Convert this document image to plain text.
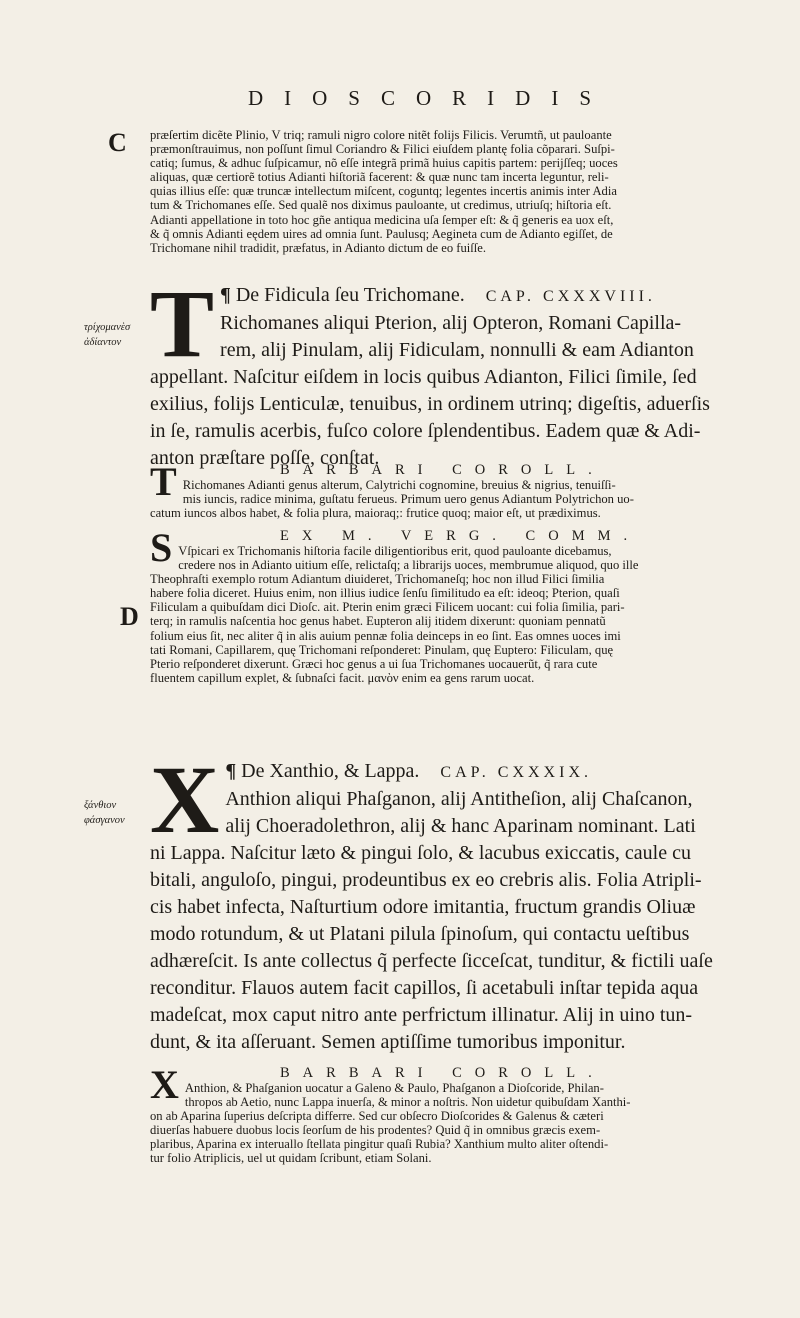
DIOSCORIDIS
C
D
τρίχομανὲσ
ἀδίαντον
ξάνθιον
φάσγανον
præſertim dicẽte Plinio, V triq; ramuli nigro colore nitẽt folijs Filicis. Verumtñ, ut pauloante
præmonſtrauimus, non poſſunt ſimul Coriandro & Filici eiuſdem plantę folia cõparari. Suſpi-
catiq; ſumus, & adhuc ſuſpicamur, nõ eſſe integrã primã huius capitis partem: perijſſeq; uoces
aliquas, quæ certiorẽ totius Adianti hiſtoriã facerent: & quæ nunc tam incerta leguntur, reli-
quias illius eſſe: quæ truncæ intellectum miſcent, coguntq; legentes incertis animis inter Adia
tum & Trichomanes eſſe. Sed qualẽ nos diximus pauloante, ut credimus, utriuſq; hiſtoria eſt.
Adianti appellatione in toto hoc gñe antiqua medicina uſa ſemper eſt: & q̃ generis ea uox eſt,
& q̃ omnis Adianti eędem uires ad omnia ſunt. Paulusq; Aegineta cum de Adianto egiſſet, de
Trichomane nihil tradidit, præfatus, in Adianto dictum de eo fuiſſe.
T ¶ De Fidicula ſeu Trichomane. CAP. CXXXVIII.
Richomanes aliqui Pterion, alij Opteron, Romani Capilla-
rem, alij Pinulam, alij Fidiculam, nonnulli & eam Adianton
appellant. Naſcitur eiſdem in locis quibus Adianton, Filici ſimile, ſed
exilius, folijs Lenticulæ, tenuibus, in ordinem utrinq; digeſtis, aduerſis
in ſe, ramulis acerbis, fuſco colore ſplendentibus. Eadem quæ & Adi-
anton præſtare poſſe, conſtat.
T	BARBARI COROLL.
Richomanes Adianti genus alterum, Calytrichi cognomine, breuius & nigrius, tenuiſſi-
mis iuncis, radice minima, guſtatu ferueus. Primum uero genus Adiantum Polytrichon uo-
catum iuncos albos habet, & folia plura, maioraq;: frutice quoq; maior eſt, ut prædiximus.
S	EX M. VERG. COMM.
Vſpicari ex Trichomanis hiſtoria facile diligentioribus erit, quod pauloante dicebamus,
credere nos in Adianto uitium eſſe, relictaſq; a librarijs uoces, membrumue aliquod, quo ille
Theophraſti exemplo rotum Adiantum diuideret, Trichomaneſq; hoc non illud Filici ſimilia
habere folia diceret. Huius enim, non illius iudice ſenſu ſimilitudo ea eſt: ideoq; Pterion, quaſi
Filiculam a quibuſdam dici Dioſc. ait. Pterin enim græci Filicem uocant: cui folia ſimilia, pari-
terq; in ramulis naſcentia hoc genus habet. Eupteron alij itidem dixerunt: quoniam pennatũ
folium eius ſit, nec aliter q̃ in alis auium pennæ folia deinceps in eo ſint. Eas omnes uoces imi
tati Romani, Capillarem, quę Trichomani reſponderet: Pinulam, quę Euptero: Filiculam, quę
Pterio reſponderet dixerunt. Græci hoc genus a ui ſua Trichomanes uocauerũt, q̃ rara cute
fluentem capillum explet, & ſubnaſci facit. μανὸν enim ea gens rarum uocat.
X ¶ De Xanthio, & Lappa. CAP. CXXXIX.
Anthion aliqui Phaſganon, alij Antitheſion, alij Chaſcanon,
alij Choeradolethron, alij & hanc Aparinam nominant. Lati
ni Lappa. Naſcitur læto & pingui ſolo, & lacubus exiccatis, caule cu
bitali, anguloſo, pingui, prodeuntibus ex eo crebris alis. Folia Atripli-
cis habet infecta, Naſturtium odore imitantia, fructum grandis Oliuæ
modo rotundum, & ut Platani pilula ſpinoſum, qui contactu ueſtibus
adhæreſcit. Is ante collectus q̃ perfecte ſicceſcat, tunditur, & fictili uaſe
reconditur. Flauos autem facit capillos, ſi acetabuli inſtar tepida aqua
madeſcat, mox caput nitro ante perfrictum illinatur. Alij in uino tun-
dunt, & ita aſſeruant. Semen aptiſſime tumoribus imponitur.
X	BARBARI COROLL.
Anthion, & Phaſganion uocatur a Galeno & Paulo, Phaſganon a Dioſcoride, Philan-
thropos ab Aetio, nunc Lappa inuerſa, & minor a noſtris. Non uidetur quibuſdam Xanthi-
on ab Aparina ſuperius deſcripta differre. Sed cur obſecro Dioſcorides & Galenus & cæteri
diuerſas habuere duobus locis ſeorſum de his prodentes? Quid q̃ in omnibus græcis exem-
plaribus, Aparina ex interuallo ſtellata pingitur quaſi Rubia? Xanthium multo aliter oſtendi-
tur folio Atriplicis, uel ut quidam ſcribunt, etiam Solani.
